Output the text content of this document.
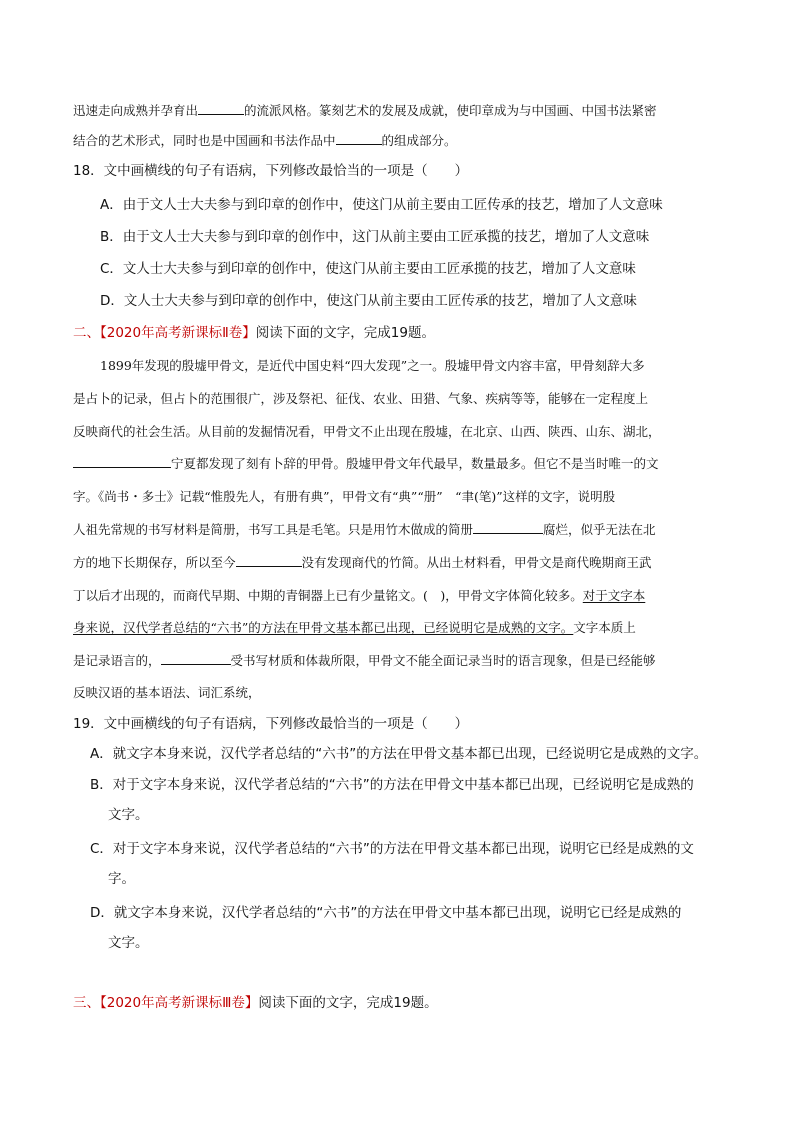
迅速走向成熟并孕育出	的流派风格。篆刻艺术的发展及成就，使印章成为与中国画、中国书法紧密
结合的艺术形式，同时也是中国画和书法作品中	的组成部分。
18．文中画横线的句子有语病，下列修改最恰当的一项是（　　）
A．由于文人士大夫参与到印章的创作中，使这门从前主要由工匠传承的技艺，增加了人文意味
B．由于文人士大夫参与到印章的创作中，这门从前主要由工匠承揽的技艺，增加了人文意味
C．文人士大夫参与到印章的创作中，使这门从前主要由工匠承揽的技艺，增加了人文意味
D．文人士大夫参与到印章的创作中，使这门从前主要由工匠传承的技艺，增加了人文意味
二、【2020年高考新课标Ⅱ卷】阅读下面的文字，完成19题。
1899年发现的殷墟甲骨文，是近代中国史料“四大发现”之一。殷墟甲骨文内容丰富，甲骨刻辞大多
是占卜的记录，但占卜的范围很广，涉及祭祀、征伐、农业、田猎、气象、疾病等等，能够在一定程度上
反映商代的社会生活。从目前的发掘情况看，甲骨文不止出现在殷墟，在北京、山西、陕西、山东、湖北，
宁夏都发现了刻有卜辞的甲骨。殷墟甲骨文年代最早，数量最多。但它不是当时唯一的文
字。《尚书・多士》记载“惟殷先人，有册有典”，甲骨文有“典”“册”　“聿(笔)”这样的文字，说明殷
人祖先常规的书写材料是简册，书写工具是毛笔。只是用竹木做成的简册	腐烂，似乎无法在北
方的地下长期保存，所以至今	没有发现商代的竹简。从出土材料看，甲骨文是商代晚期商王武
丁以后才出现的，而商代早期、中期的青铜器上已有少量铭文。(　)，甲骨文字体简化较多。对于文字本
身来说，汉代学者总结的“六书”的方法在甲骨文基本都已出现，已经说明它是成熟的文字。文字本质上
是记录语言的，	受书写材质和体裁所限，甲骨文不能全面记录当时的语言现象，但是已经能够
反映汉语的基本语法、词汇系统，
19．文中画横线的句子有语病，下列修改最恰当的一项是（　　）
A．就文字本身来说，汉代学者总结的“六书”的方法在甲骨文基本都已出现，已经说明它是成熟的文字。
B．对于文字本身来说，汉代学者总结的“六书”的方法在甲骨文中基本都已出现，已经说明它是成熟的
文字。
C．对于文字本身来说，汉代学者总结的“六书”的方法在甲骨文基本都已出现，说明它已经是成熟的文
字。
D．就文字本身来说，汉代学者总结的“六书”的方法在甲骨文中基本都已出现，说明它已经是成熟的
文字。
三、【2020年高考新课标Ⅲ卷】阅读下面的文字，完成19题。
